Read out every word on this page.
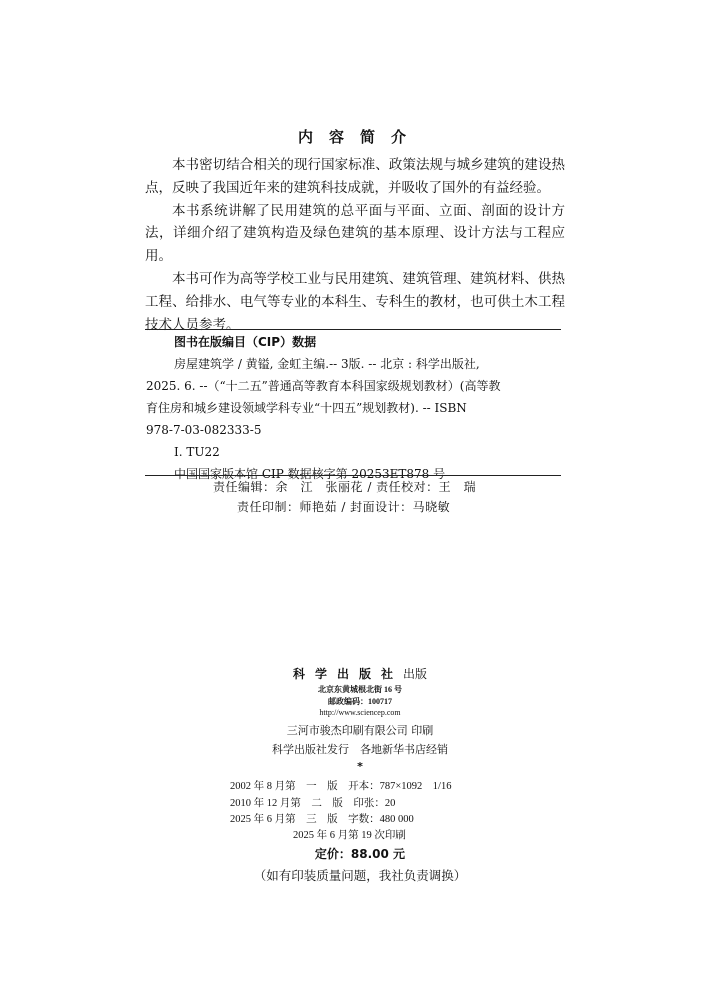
内容简介

本书密切结合相关的现行国家标准、政策法规与城乡建筑的建设热点，反映了我国近年来的建筑科技成就，并吸收了国外的有益经验。

本书系统讲解了民用建筑的总平面与平面、立面、剖面的设计方法，详细介绍了建筑构造及绿色建筑的基本原理、设计方法与工程应用。

本书可作为高等学校工业与民用建筑、建筑管理、建筑材料、供热工程、给排水、电气等专业的本科生、专科生的教材，也可供土木工程技术人员参考。

图书在版编目（CIP）数据
房屋建筑学 / 黄镒, 金虹主编.-- 3版. -- 北京 : 科学出版社,
2025. 6. --（“十二五”普通高等教育本科国家级规划教材）(高等教
育住房和城乡建设领域学科专业“十四五”规划教材). -- ISBN
978-7-03-082333-5
Ⅰ. TU22
中国国家版本馆 CIP 数据核字第 20253ET878 号
责任编辑：余　江　张丽花 / 责任校对：王　瑞
责任印制：师艳茹 / 封面设计：马晓敏
科学出版社出版
北京东黄城根北街 16 号
邮政编码：100717
http://www.sciencep.com
三河市骏杰印刷有限公司 印刷
科学出版社发行　各地新华书店经销
*
2002 年 8 月第　一　版　开本：787×1092　1/16
2010 年 12 月第　二　版　印张：20
2025 年 6 月第　三　版　字数：480 000
2025 年 6 月第 19 次印刷
定价：88.00 元
（如有印装质量问题，我社负责调换）
